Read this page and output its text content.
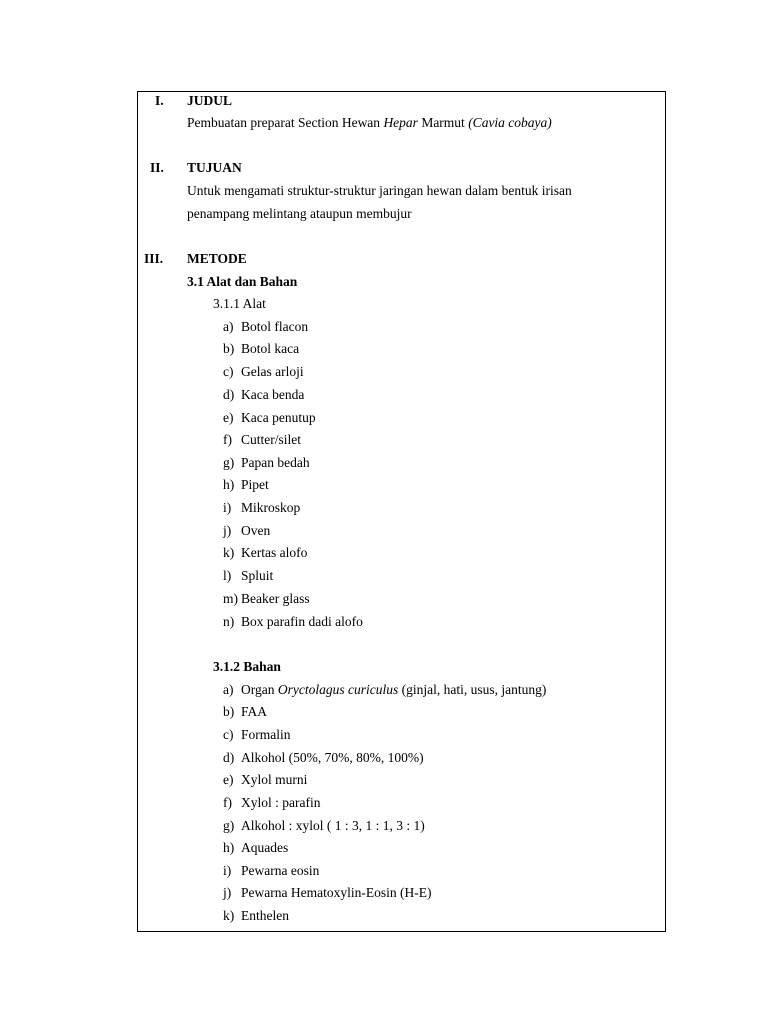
I. JUDUL
Pembuatan preparat Section Hewan Hepar Marmut (Cavia cobaya)
II. TUJUAN
Untuk mengamati struktur-struktur jaringan hewan dalam bentuk irisan
penampang melintang ataupun membujur
III. METODE
3.1 Alat dan Bahan
3.1.1 Alat
a) Botol flacon
b) Botol kaca
c) Gelas arloji
d) Kaca benda
e) Kaca penutup
f) Cutter/silet
g) Papan bedah
h) Pipet
i) Mikroskop
j) Oven
k) Kertas alofo
l) Spluit
m) Beaker glass
n) Box parafin dadi alofo
3.1.2 Bahan
a) Organ Oryctolagus curiculus (ginjal, hati, usus, jantung)
b) FAA
c) Formalin
d) Alkohol (50%, 70%, 80%, 100%)
e) Xylol murni
f) Xylol : parafin
g) Alkohol : xylol ( 1 : 3, 1 : 1, 3 : 1)
h) Aquades
i) Pewarna eosin
j) Pewarna Hematoxylin-Eosin (H-E)
k) Enthelen
